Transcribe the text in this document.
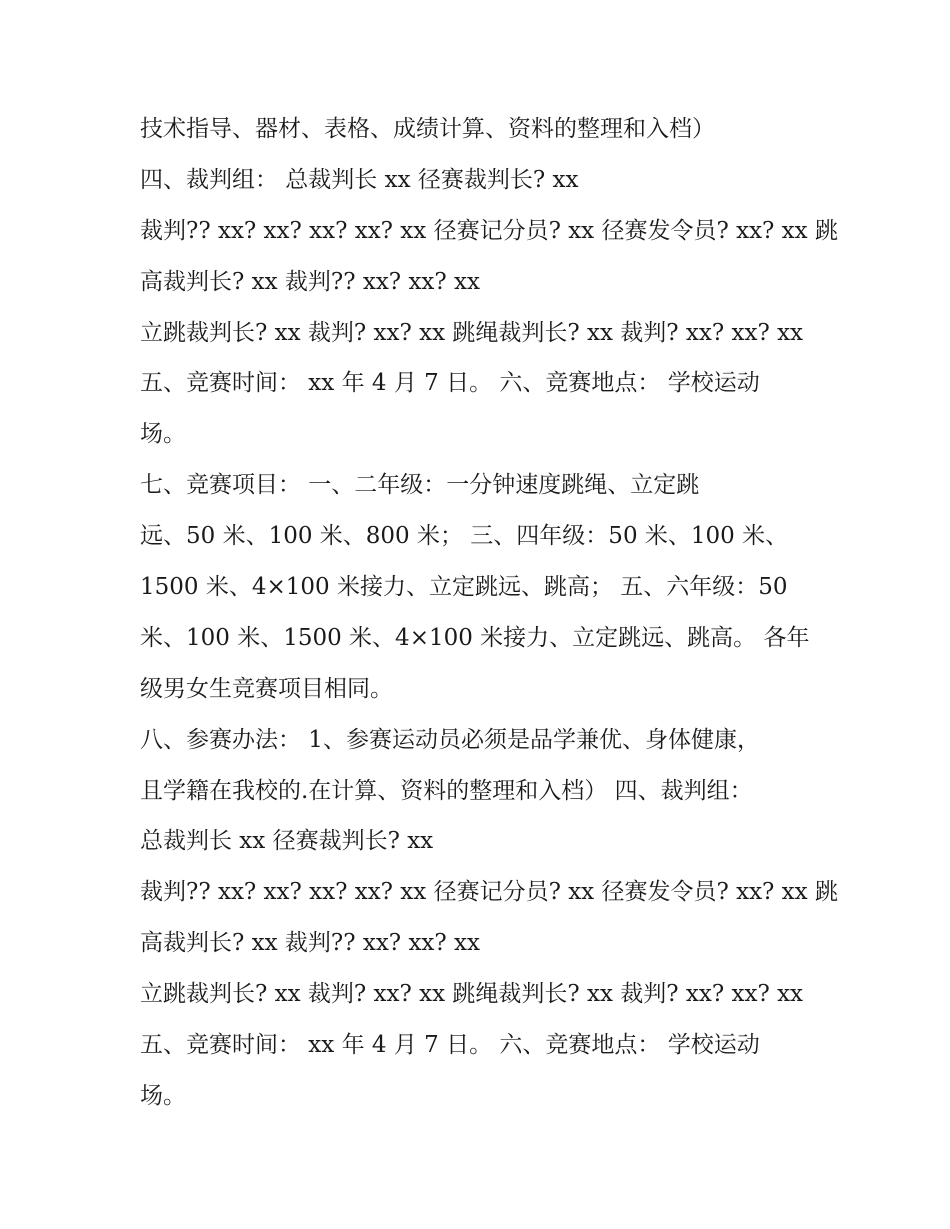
技术指导、器材、表格、成绩计算、资料的整理和入档）
四、裁判组： 总裁判长 xx 径赛裁判长? xx
裁判?? xx? xx? xx? xx? xx 径赛记分员? xx 径赛发令员? xx? xx 跳
高裁判长? xx 裁判?? xx? xx? xx
立跳裁判长? xx 裁判? xx? xx 跳绳裁判长? xx 裁判? xx? xx? xx
五、竞赛时间： xx 年 4 月 7 日。 六、竞赛地点： 学校运动
场。
七、竞赛项目： 一、二年级：一分钟速度跳绳、立定跳
远、50 米、100 米、800 米； 三、四年级：50 米、100 米、
1500 米、4×100 米接力、立定跳远、跳高； 五、六年级：50
米、100 米、1500 米、4×100 米接力、立定跳远、跳高。 各年
级男女生竞赛项目相同。
八、参赛办法： 1、参赛运动员必须是品学兼优、身体健康，
且学籍在我校的.在计算、资料的整理和入档） 四、裁判组：
总裁判长 xx 径赛裁判长? xx
裁判?? xx? xx? xx? xx? xx 径赛记分员? xx 径赛发令员? xx? xx 跳
高裁判长? xx 裁判?? xx? xx? xx
立跳裁判长? xx 裁判? xx? xx 跳绳裁判长? xx 裁判? xx? xx? xx
五、竞赛时间： xx 年 4 月 7 日。 六、竞赛地点： 学校运动
场。
